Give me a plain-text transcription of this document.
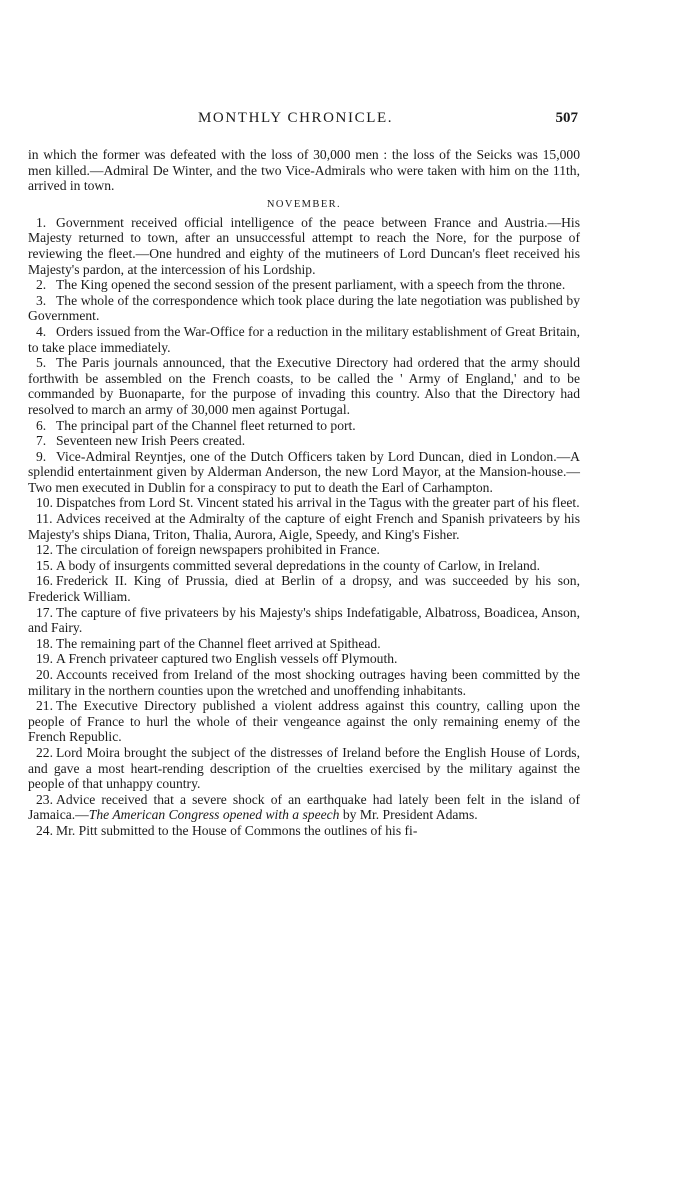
MONTHLY CHRONICLE.	507

in which the former was defeated with the loss of 30,000 men : the loss of the Seicks was 15,000 men killed.—Admiral De Winter, and the two Vice-Admirals who were taken with him on the 11th, arrived in town.

NOVEMBER.

1. Government received official intelligence of the peace between France and Austria.—His Majesty returned to town, after an unsuccessful attempt to reach the Nore, for the purpose of reviewing the fleet.—One hundred and eighty of the mutineers of Lord Duncan's fleet received his Majesty's pardon, at the intercession of his Lordship.

2. The King opened the second session of the present parliament, with a speech from the throne.

3. The whole of the correspondence which took place during the late negotiation was published by Government.

4. Orders issued from the War-Office for a reduction in the military establishment of Great Britain, to take place immediately.

5. The Paris journals announced, that the Executive Directory had ordered that the army should forthwith be assembled on the French coasts, to be called the ' Army of England,' and to be commanded by Buonaparte, for the purpose of invading this country. Also that the Directory had resolved to march an army of 30,000 men against Portugal.

6. The principal part of the Channel fleet returned to port.

7. Seventeen new Irish Peers created.

9. Vice-Admiral Reyntjes, one of the Dutch Officers taken by Lord Duncan, died in London.—A splendid entertainment given by Alderman Anderson, the new Lord Mayor, at the Mansion-house.—Two men executed in Dublin for a conspiracy to put to death the Earl of Carhampton.

10. Dispatches from Lord St. Vincent stated his arrival in the Tagus with the greater part of his fleet.

11. Advices received at the Admiralty of the capture of eight French and Spanish privateers by his Majesty's ships Diana, Triton, Thalia, Aurora, Aigle, Speedy, and King's Fisher.

12. The circulation of foreign newspapers prohibited in France.

15. A body of insurgents committed several depredations in the county of Carlow, in Ireland.

16. Frederick II. King of Prussia, died at Berlin of a dropsy, and was succeeded by his son, Frederick William.

17. The capture of five privateers by his Majesty's ships Indefatigable, Albatross, Boadicea, Anson, and Fairy.

18. The remaining part of the Channel fleet arrived at Spithead.

19. A French privateer captured two English vessels off Plymouth.

20. Accounts received from Ireland of the most shocking outrages having been committed by the military in the northern counties upon the wretched and unoffending inhabitants.

21. The Executive Directory published a violent address against this country, calling upon the people of France to hurl the whole of their vengeance against the only remaining enemy of the French Republic.

22. Lord Moira brought the subject of the distresses of Ireland before the English House of Lords, and gave a most heart-rending description of the cruelties exercised by the military against the people of that unhappy country.

23. Advice received that a severe shock of an earthquake had lately been felt in the island of Jamaica.—The American Congress opened with a speech by Mr. President Adams.

24. Mr. Pitt submitted to the House of Commons the outlines of his fi-
